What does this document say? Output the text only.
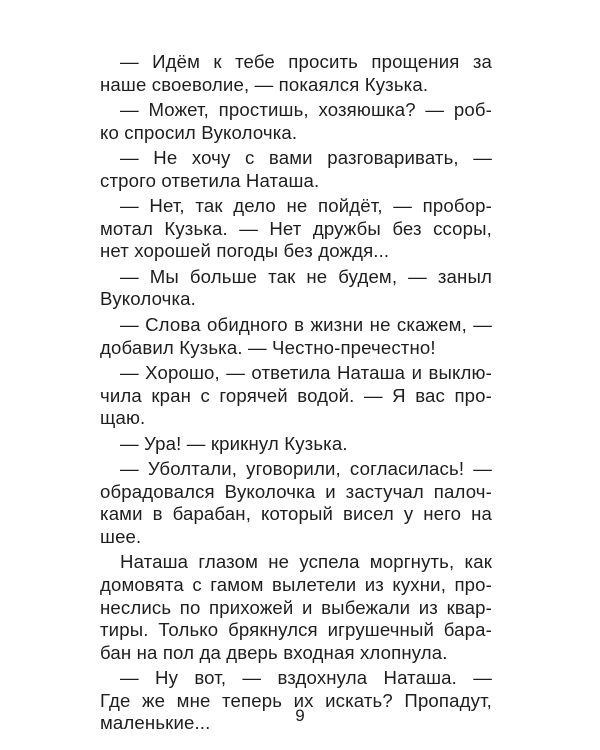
— Идём к тебе просить прощения за
наше своеволие, — покаялся Кузька.
— Может, простишь, хозяюшка? — роб-
ко спросил Вуколочка.
— Не хочу с вами разговаривать, —
строго ответила Наташа.
— Нет, так дело не пойдёт, — пробор-
мотал Кузька. — Нет дружбы без ссоры,
нет хорошей погоды без дождя...
— Мы больше так не будем, — заныл
Вуколочка.
— Слова обидного в жизни не скажем, —
добавил Кузька. — Честно-пречестно!
— Хорошо, — ответила Наташа и выклю-
чила кран с горячей водой. — Я вас про-
щаю.
— Ура! — крикнул Кузька.
— Уболтали, уговорили, согласилась! —
обрадовался Вуколочка и застучал палоч-
ками в барабан, который висел у него на
шее.
Наташа глазом не успела моргнуть, как
домовята с гамом вылетели из кухни, про-
неслись по прихожей и выбежали из квар-
тиры. Только брякнулся игрушечный бара-
бан на пол да дверь входная хлопнула.
— Ну вот, — вздохнула Наташа. —
Где же мне теперь их искать? Пропадут,
маленькие...	9
